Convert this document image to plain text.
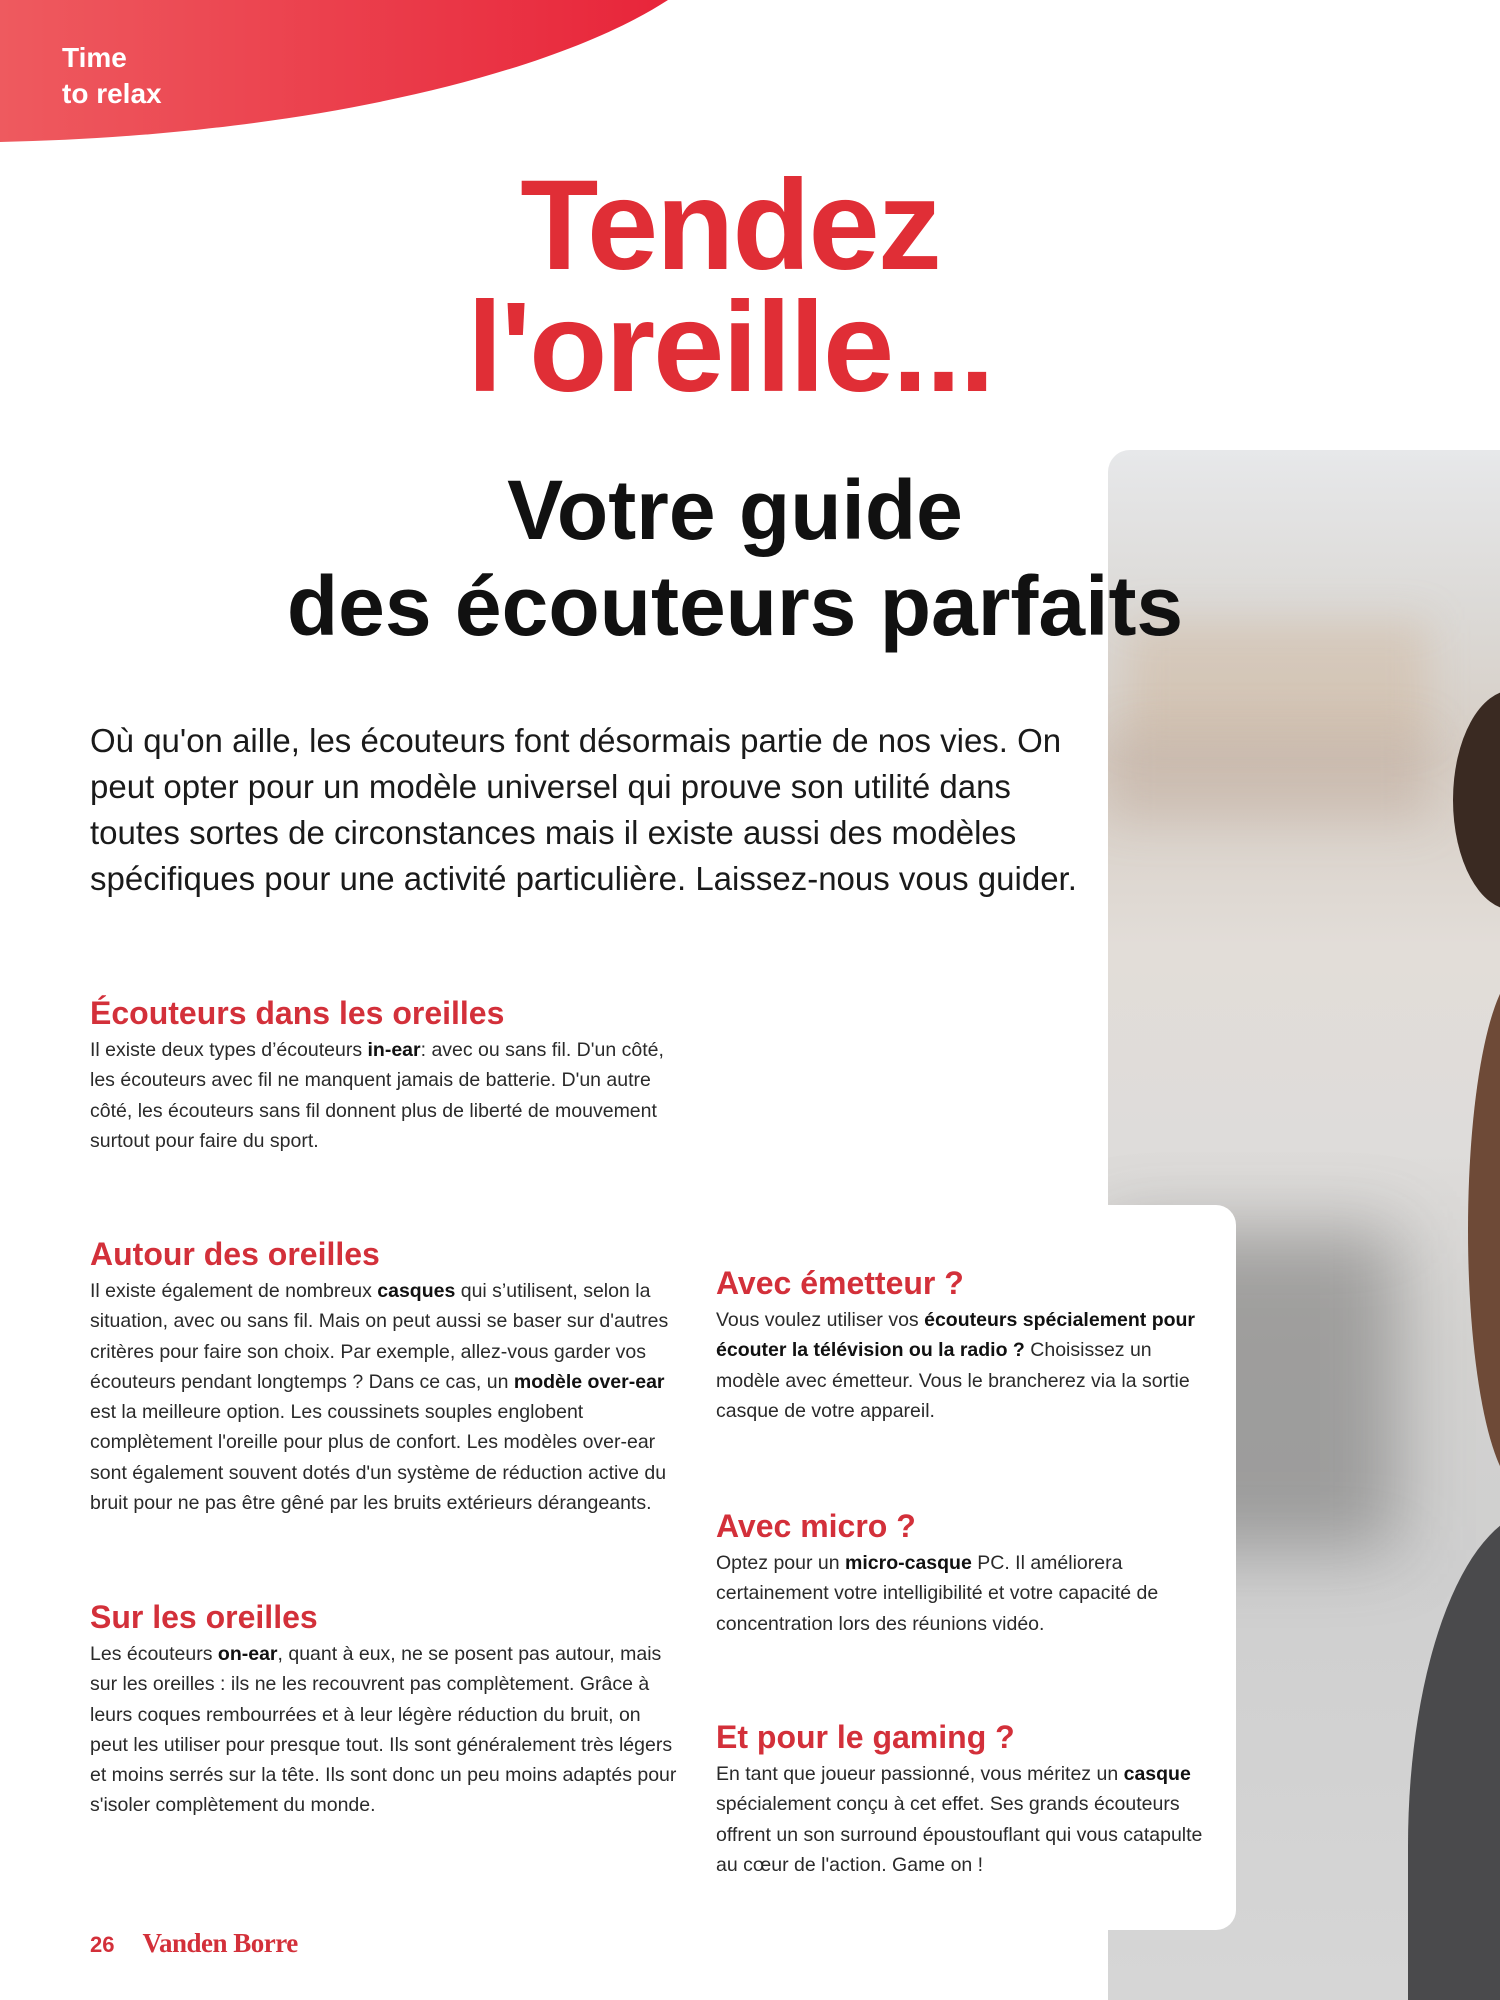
Time
to relax
Tendez
l'oreille...
Votre guide
des écouteurs parfaits

Où qu'on aille, les écouteurs font désormais partie de nos vies. On peut opter pour un modèle universel qui prouve son utilité dans toutes sortes de circonstances mais il existe aussi des modèles spécifiques pour une activité particulière. Laissez-nous vous guider.

Écouteurs dans les oreilles

Il existe deux types d’écouteurs in-ear: avec ou sans fil. D'un côté, les écouteurs avec fil ne manquent jamais de batterie. D'un autre côté, les écouteurs sans fil donnent plus de liberté de mouvement surtout pour faire du sport.

Autour des oreilles

Il existe également de nombreux casques qui s’utilisent, selon la situation, avec ou sans fil. Mais on peut aussi se baser sur d'autres critères pour faire son choix. Par exemple, allez-vous garder vos écouteurs pendant longtemps ? Dans ce cas, un modèle over-ear est la meilleure option. Les coussinets souples englobent complètement l'oreille pour plus de confort. Les modèles over-ear sont également souvent dotés d'un système de réduction active du bruit pour ne pas être gêné par les bruits extérieurs dérangeants.

Sur les oreilles

Les écouteurs on-ear, quant à eux, ne se posent pas autour, mais sur les oreilles : ils ne les recouvrent pas complètement. Grâce à leurs coques rembourrées et à leur légère réduction du bruit, on peut les utiliser pour presque tout. Ils sont généralement très légers et moins serrés sur la tête. Ils sont donc un peu moins adaptés pour s'isoler complètement du monde.

Avec émetteur ?

Vous voulez utiliser vos écouteurs spécialement pour écouter la télévision ou la radio ? Choisissez un modèle avec émetteur. Vous le brancherez via la sortie casque de votre appareil.

Avec micro ?

Optez pour un micro-casque PC. Il améliorera certainement votre intelligibilité et votre capacité de concentration lors des réunions vidéo.

Et pour le gaming ?

En tant que joueur passionné, vous méritez un casque spécialement conçu à cet effet. Ses grands écouteurs offrent un son surround époustouflant qui vous catapulte au cœur de l'action. Game on !

26 Vanden Borre
